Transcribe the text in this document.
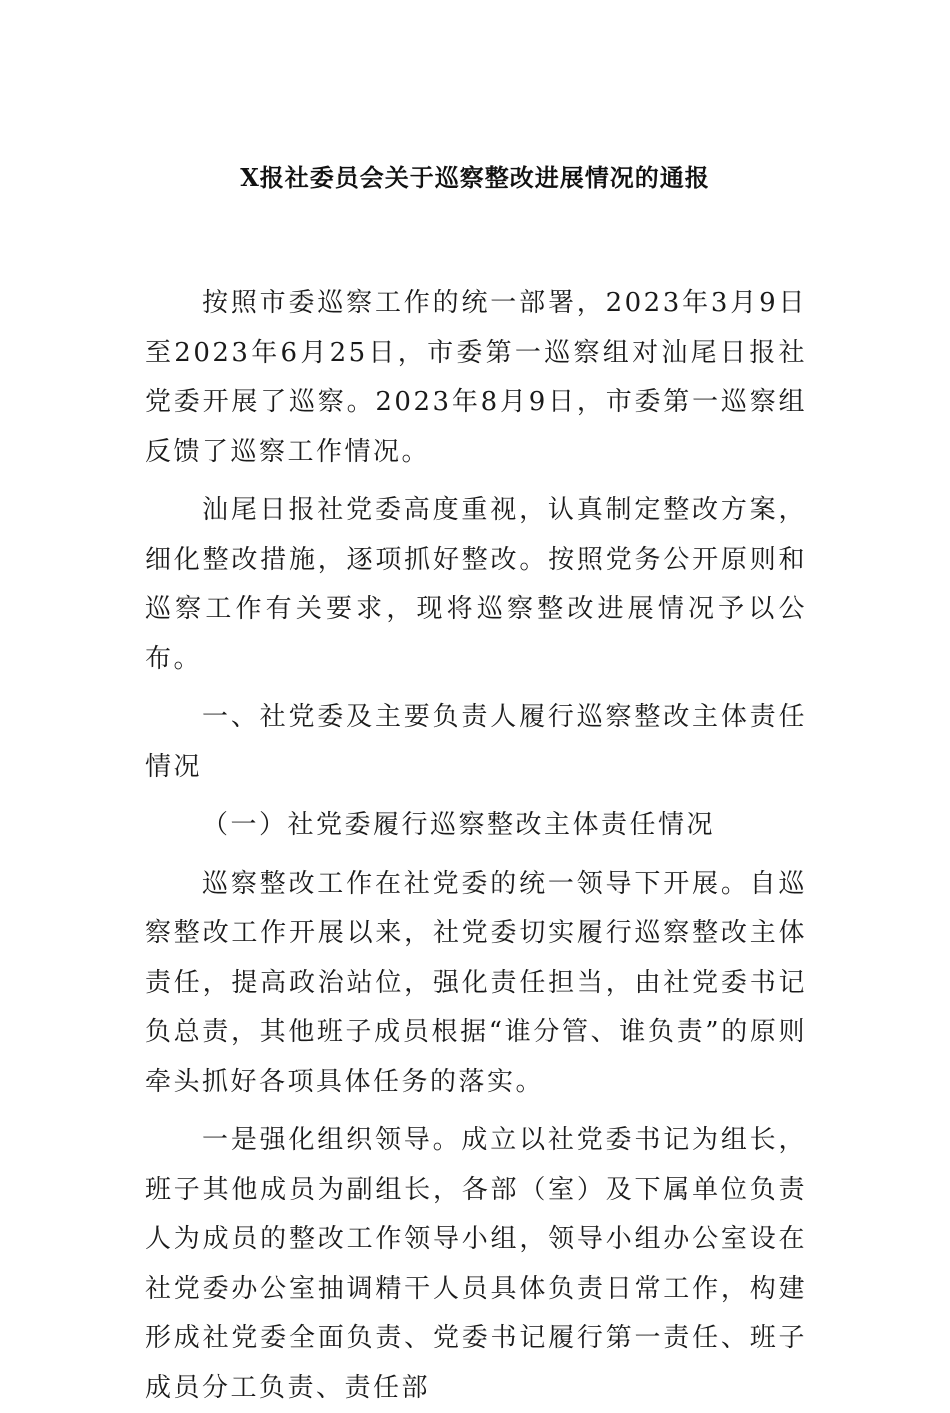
X报社委员会关于巡察整改进展情况的通报

按照市委巡察工作的统一部署，2023年3月9日至2023年6月25日，市委第一巡察组对汕尾日报社党委开展了巡察。2023年8月9日，市委第一巡察组反馈了巡察工作情况。

汕尾日报社党委高度重视，认真制定整改方案，细化整改措施，逐项抓好整改。按照党务公开原则和巡察工作有关要求，现将巡察整改进展情况予以公布。

一、社党委及主要负责人履行巡察整改主体责任情况

（一）社党委履行巡察整改主体责任情况

巡察整改工作在社党委的统一领导下开展。自巡察整改工作开展以来，社党委切实履行巡察整改主体责任，提高政治站位，强化责任担当，由社党委书记负总责，其他班子成员根据“谁分管、谁负责”的原则牵头抓好各项具体任务的落实。

一是强化组织领导。成立以社党委书记为组长，班子其他成员为副组长，各部（室）及下属单位负责人为成员的整改工作领导小组，领导小组办公室设在社党委办公室抽调精干人员具体负责日常工作，构建形成社党委全面负责、党委书记履行第一责任、班子成员分工负责、责任部
